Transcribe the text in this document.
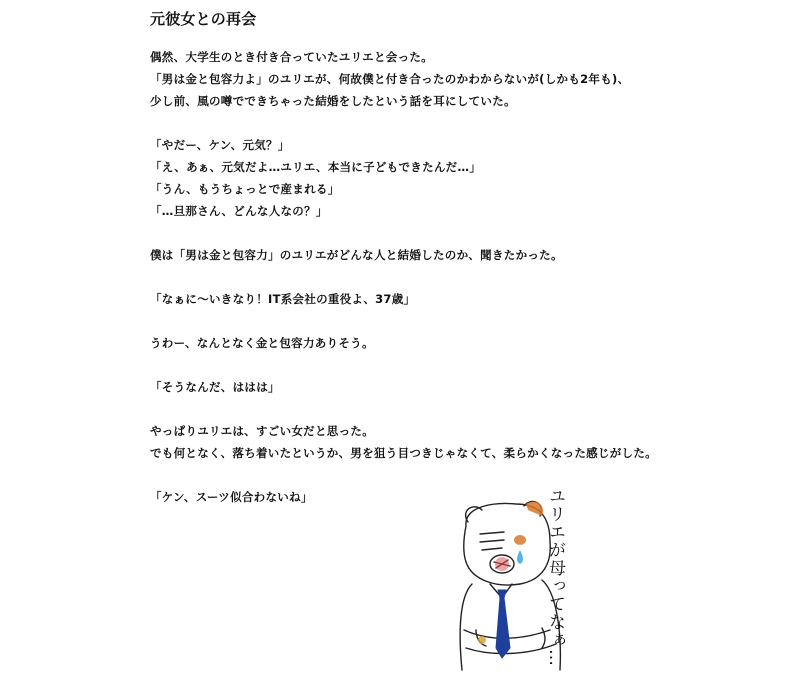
元彼女との再会
偶然、大学生のとき付き合っていたユリエと会った。
「男は金と包容力よ」のユリエが、何故僕と付き合ったのかわからないが(しかも2年も)、
少し前、風の噂でできちゃった結婚をしたという話を耳にしていた。
「やだー、ケン、元気？」
「え、あぁ、元気だよ…ユリエ、本当に子どもできたんだ…」
「うん、もうちょっとで産まれる」
「…旦那さん、どんな人なの？」
僕は「男は金と包容力」のユリエがどんな人と結婚したのか、聞きたかった。
「なぁに〜いきなり！IT系会社の重役よ、37歳」
うわー、なんとなく金と包容力ありそう。
「そうなんだ、ははは」
やっぱりユリエは、すごい女だと思った。
でも何となく、落ち着いたというか、男を狙う目つきじゃなくて、柔らかくなった感じがした。
「ケン、スーツ似合わないね」	ユリエが母ってなぁ…
